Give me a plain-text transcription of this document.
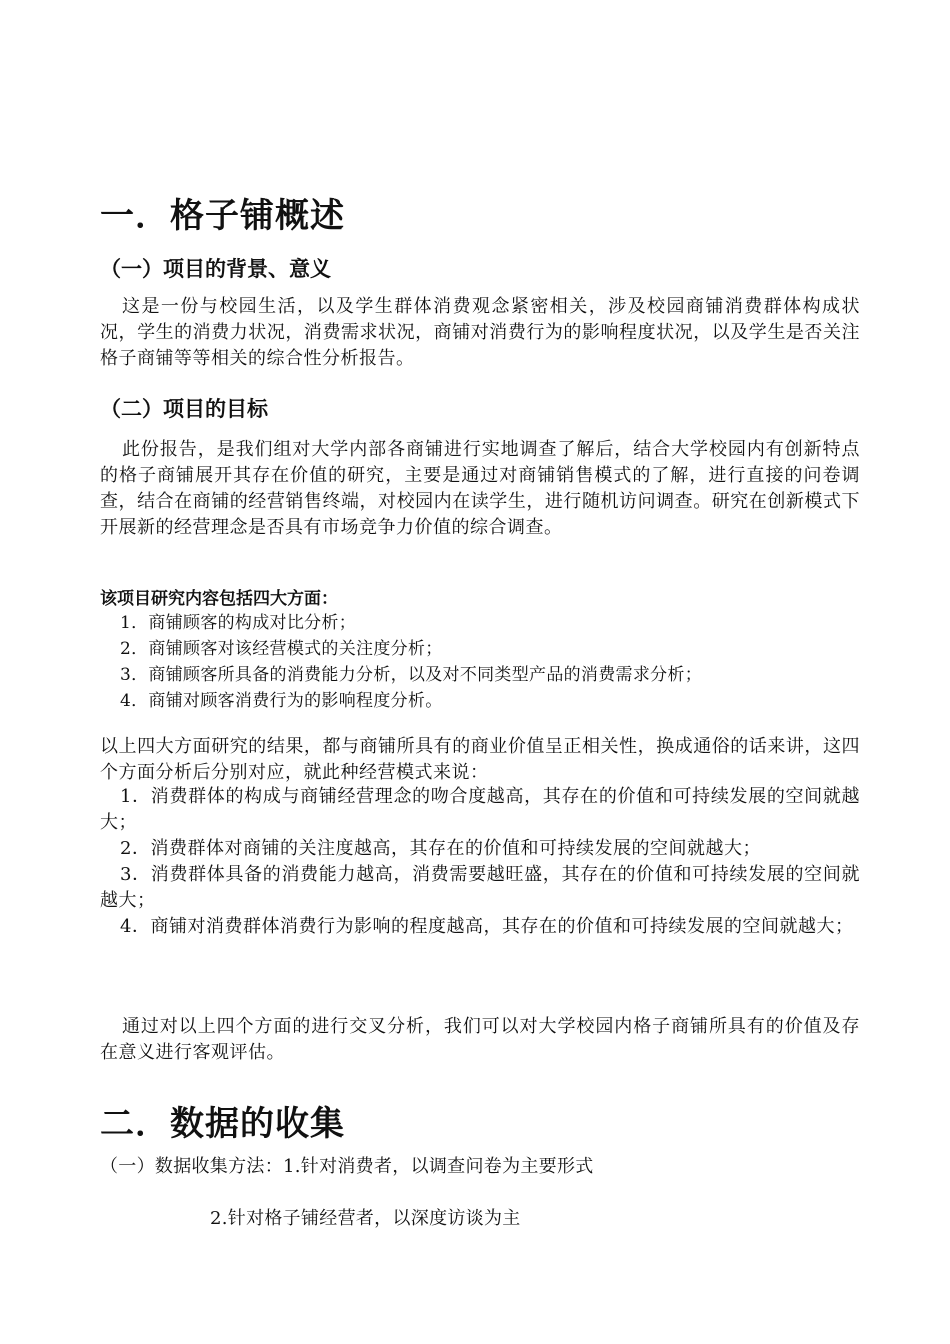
一．格子铺概述
（一）项目的背景、意义
这是一份与校园生活，以及学生群体消费观念紧密相关，涉及校园商铺消费群体构成状况，学生的消费力状况，消费需求状况，商铺对消费行为的影响程度状况，以及学生是否关注格子商铺等等相关的综合性分析报告。
（二）项目的目标
此份报告，是我们组对大学内部各商铺进行实地调查了解后，结合大学校园内有创新特点的格子商铺展开其存在价值的研究，主要是通过对商铺销售模式的了解，进行直接的问卷调查，结合在商铺的经营销售终端，对校园内在读学生，进行随机访问调查。研究在创新模式下开展新的经营理念是否具有市场竞争力价值的综合调查。
该项目研究内容包括四大方面：
1．商铺顾客的构成对比分析；
2．商铺顾客对该经营模式的关注度分析；
3．商铺顾客所具备的消费能力分析，以及对不同类型产品的消费需求分析；
4．商铺对顾客消费行为的影响程度分析。
以上四大方面研究的结果，都与商铺所具有的商业价值呈正相关性，换成通俗的话来讲，这四个方面分析后分别对应，就此种经营模式来说：
1．消费群体的构成与商铺经营理念的吻合度越高，其存在的价值和可持续发展的空间就越大；
2．消费群体对商铺的关注度越高，其存在的价值和可持续发展的空间就越大；
3．消费群体具备的消费能力越高，消费需要越旺盛，其存在的价值和可持续发展的空间就越大；
4．商铺对消费群体消费行为影响的程度越高，其存在的价值和可持续发展的空间就越大；
通过对以上四个方面的进行交叉分析，我们可以对大学校园内格子商铺所具有的价值及存在意义进行客观评估。
二．数据的收集
（一）数据收集方法：1.针对消费者，以调查问卷为主要形式
2.针对格子铺经营者，以深度访谈为主
